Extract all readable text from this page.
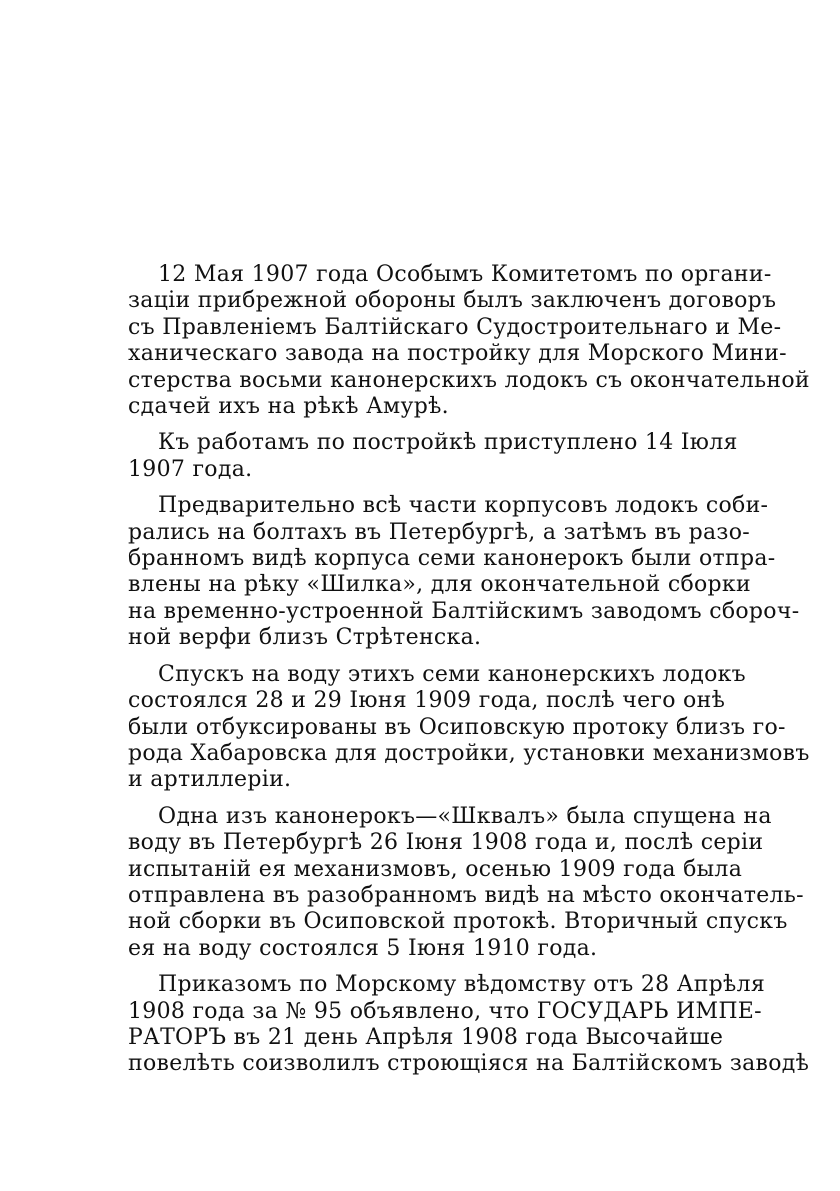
12 Мая 1907 года Особымъ Комитетомъ по органи-
заціи прибрежной обороны былъ заключенъ договоръ
съ Правленіемъ Балтійскаго Судостроительнаго и Ме-
ханическаго завода на постройку для Морского Мини-
стерства восьми канонерскихъ лодокъ съ окончательной
сдачей ихъ на рѣкѣ Амурѣ.
Къ работамъ по постройкѣ приступлено 14 Іюля
1907 года.
Предварительно всѣ части корпусовъ лодокъ соби-
рались на болтахъ въ Петербургѣ, а затѣмъ въ разо-
бранномъ видѣ корпуса семи канонерокъ были отпра-
влены на рѣку «Шилка», для окончательной сборки
на временно-устроенной Балтійскимъ заводомъ сбороч-
ной верфи близъ Стрѣтенска.
Спускъ на воду этихъ семи канонерскихъ лодокъ
состоялся 28 и 29 Іюня 1909 года, послѣ чего онѣ
были отбуксированы въ Осиповскую протоку близъ го-
рода Хабаровска для достройки, установки механизмовъ
и артиллеріи.
Одна изъ канонерокъ—«Шквалъ» была спущена на
воду въ Петербургѣ 26 Іюня 1908 года и, послѣ серіи
испытаній ея механизмовъ, осенью 1909 года была
отправлена въ разобранномъ видѣ на мѣсто окончатель-
ной сборки въ Осиповской протокѣ. Вторичный спускъ
ея на воду состоялся 5 Іюня 1910 года.
Приказомъ по Морскому вѣдомству отъ 28 Апрѣля
1908 года за № 95 объявлено, что ГОСУДАРЬ ИМПЕ-
РАТОРЪ въ 21 день Апрѣля 1908 года Высочайше
повелѣть соизволилъ строющіяся на Балтійскомъ заводѣ
